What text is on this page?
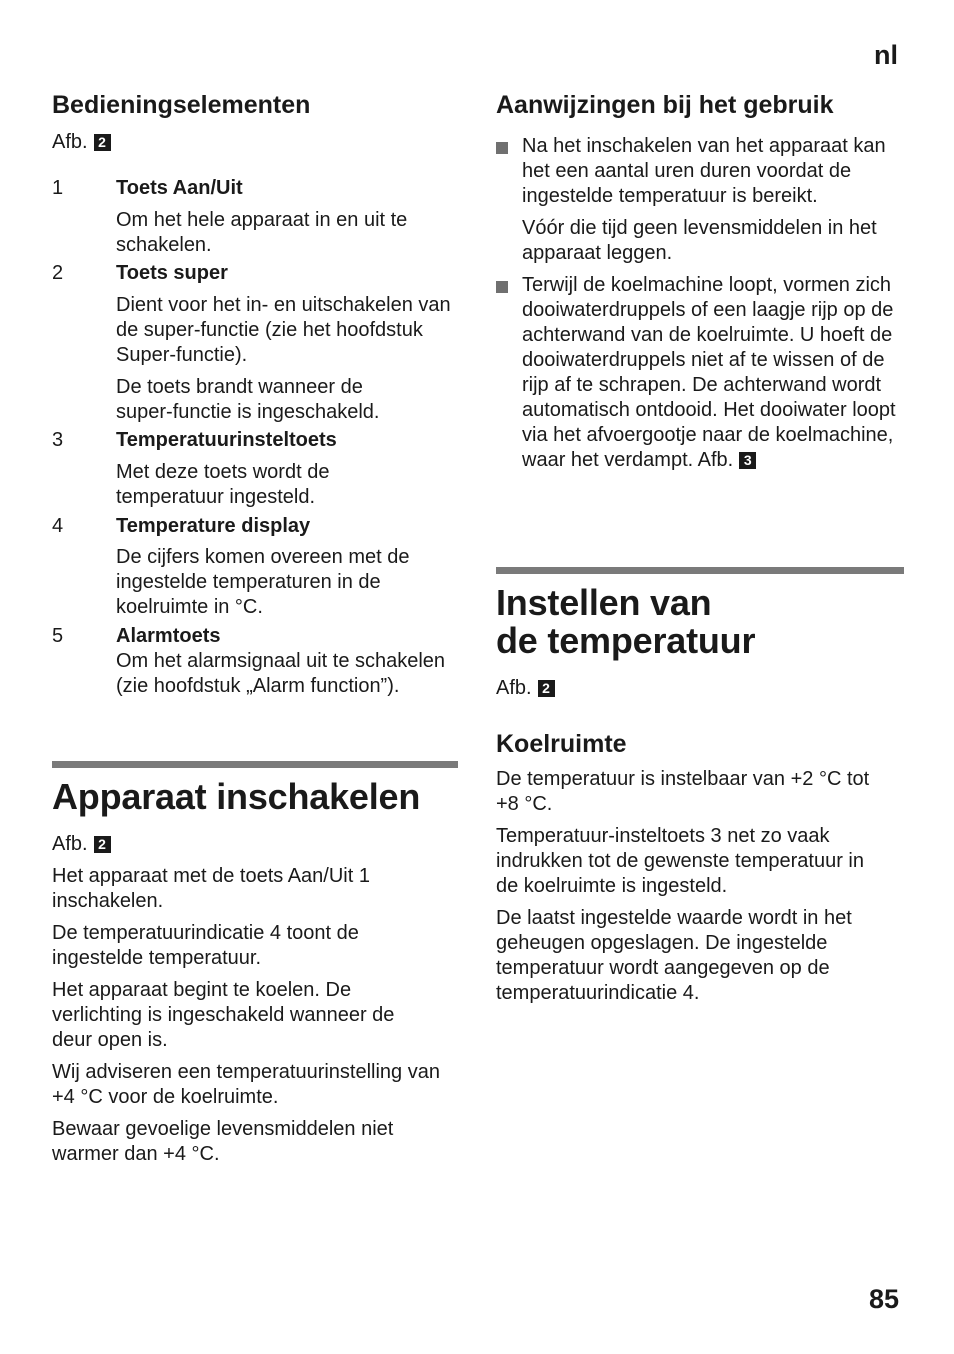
nl
85
Bedieningselementen
Afb. 2
1	Toets Aan/Uit
Om het hele apparaat in en uit te schakelen.
2	Toets super
Dient voor het in- en uitschakelen van de super-functie (zie het hoofdstuk Super-functie).
De toets brandt wanneer de super-functie is ingeschakeld.
3	Temperatuurinsteltoets
Met deze toets wordt de temperatuur ingesteld.
4	Temperature display
De cijfers komen overeen met de ingestelde temperaturen in de koelruimte in °C.
5	Alarmtoets
Om het alarmsignaal uit te schakelen (zie hoofdstuk „Alarm function”).
Apparaat inschakelen
Afb. 2

Het apparaat met de toets Aan/Uit 1 inschakelen.

De temperatuurindicatie 4 toont de ingestelde temperatuur.

Het apparaat begint te koelen. De verlichting is ingeschakeld wanneer de deur open is.

Wij adviseren een temperatuurinstelling van +4 °C voor de koelruimte.

Bewaar gevoelige levensmiddelen niet warmer dan +4 °C.

Aanwijzingen bij het gebruik
Na het inschakelen van het apparaat kan het een aantal uren duren voordat de ingestelde temperatuur is bereikt.
Vóór die tijd geen levensmiddelen in het apparaat leggen.
Terwijl de koelmachine loopt, vormen zich dooiwaterdruppels of een laagje rijp op de achterwand van de koelruimte. U hoeft de dooiwaterdruppels niet af te wissen of de rijp af te schrapen. De achterwand wordt automatisch ontdooid. Het dooiwater loopt via het afvoergootje naar de koelmachine, waar het verdampt. Afb. 3
Instellen van
de temperatuur
Afb. 2
Koelruimte

De temperatuur is instelbaar van +2 °C tot +8 °C.

Temperatuur-insteltoets 3 net zo vaak indrukken tot de gewenste temperatuur in de koelruimte is ingesteld.

De laatst ingestelde waarde wordt in het geheugen opgeslagen. De ingestelde temperatuur wordt aangegeven op de temperatuurindicatie 4.
